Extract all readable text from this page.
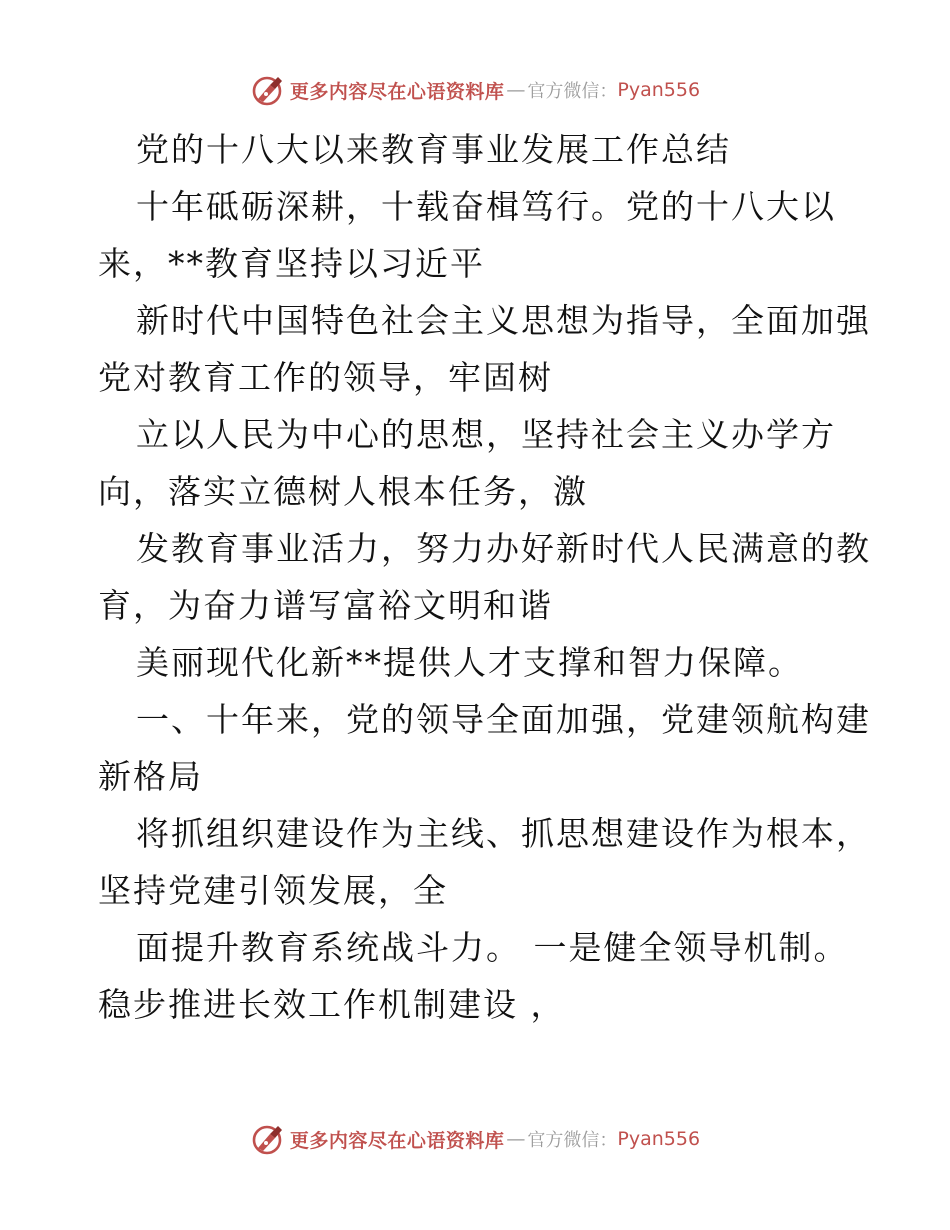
更多内容尽在心语资料库 — 官方微信： Pyan556
党的十八大以来教育事业发展工作总结
十年砥砺深耕，十载奋楫笃行。党的十八大以
来，**教育坚持以习近平
新时代中国特色社会主义思想为指导，全面加强
党对教育工作的领导，牢固树
立以人民为中心的思想，坚持社会主义办学方
向，落实立德树人根本任务，激
发教育事业活力，努力办好新时代人民满意的教
育，为奋力谱写富裕文明和谐
美丽现代化新**提供人才支撑和智力保障。
一、十年来，党的领导全面加强，党建领航构建
新格局
将抓组织建设作为主线、抓思想建设作为根本，
坚持党建引领发展，全
面提升教育系统战斗力。 一是健全领导机制。
稳步推进长效工作机制建设 ，
更多内容尽在心语资料库 — 官方微信： Pyan556
